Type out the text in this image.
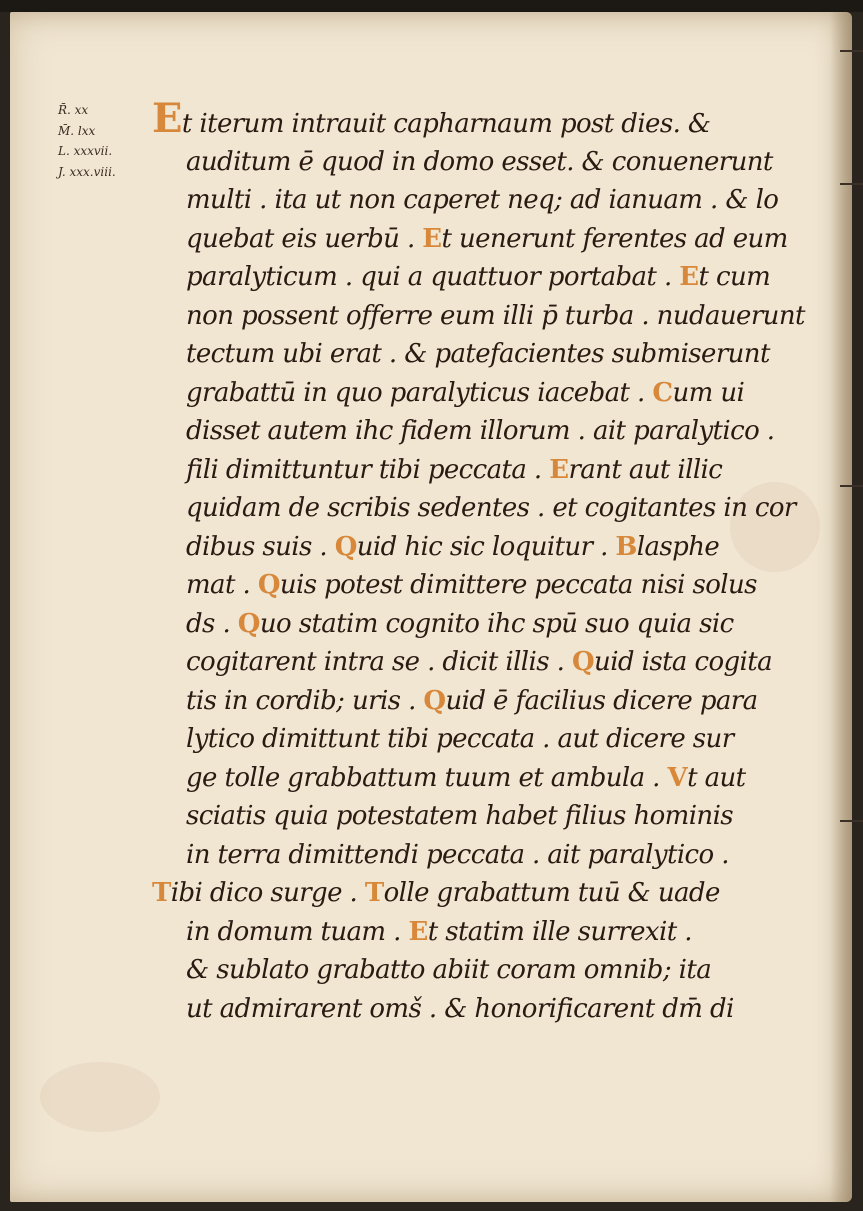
R̄. xx
M̄. lxx
L. xxxvii.
J. xxx.viii.
Et iterum intrauit capharnaum post dies. &
auditum ē quod in domo esset. & conuenerunt
multi . ita ut non caperet neq; ad ianuam . & lo
quebat eis uerbū . Et uenerunt ferentes ad eum
paralyticum . qui a quattuor portabat . Et cum
non possent offerre eum illi p̄ turba . nudauerunt
tectum ubi erat . & patefacientes submiserunt
grabattū in quo paralyticus iacebat . Cum ui
disset autem ihc fidem illorum . ait paralytico .
fili dimittuntur tibi peccata . Erant aut illic
quidam de scribis sedentes . et cogitantes in cor
dibus suis . Quid hic sic loquitur . Blasphe
mat . Quis potest dimittere peccata nisi solus
ds . Quo statim cognito ihc spū suo quia sic
cogitarent intra se . dicit illis . Quid ista cogita
tis in cordib; uris . Quid ē facilius dicere para
lytico dimittunt tibi peccata . aut dicere sur
ge tolle grabbattum tuum et ambula . Vt aut
sciatis quia potestatem habet filius hominis
in terra dimittendi peccata . ait paralytico .
Tibi dico surge . Tolle grabattum tuū & uade
in domum tuam . Et statim ille surrexit .
& sublato grabatto abiit coram omnib; ita
ut admirarent omš . & honorificarent dm̄ di
